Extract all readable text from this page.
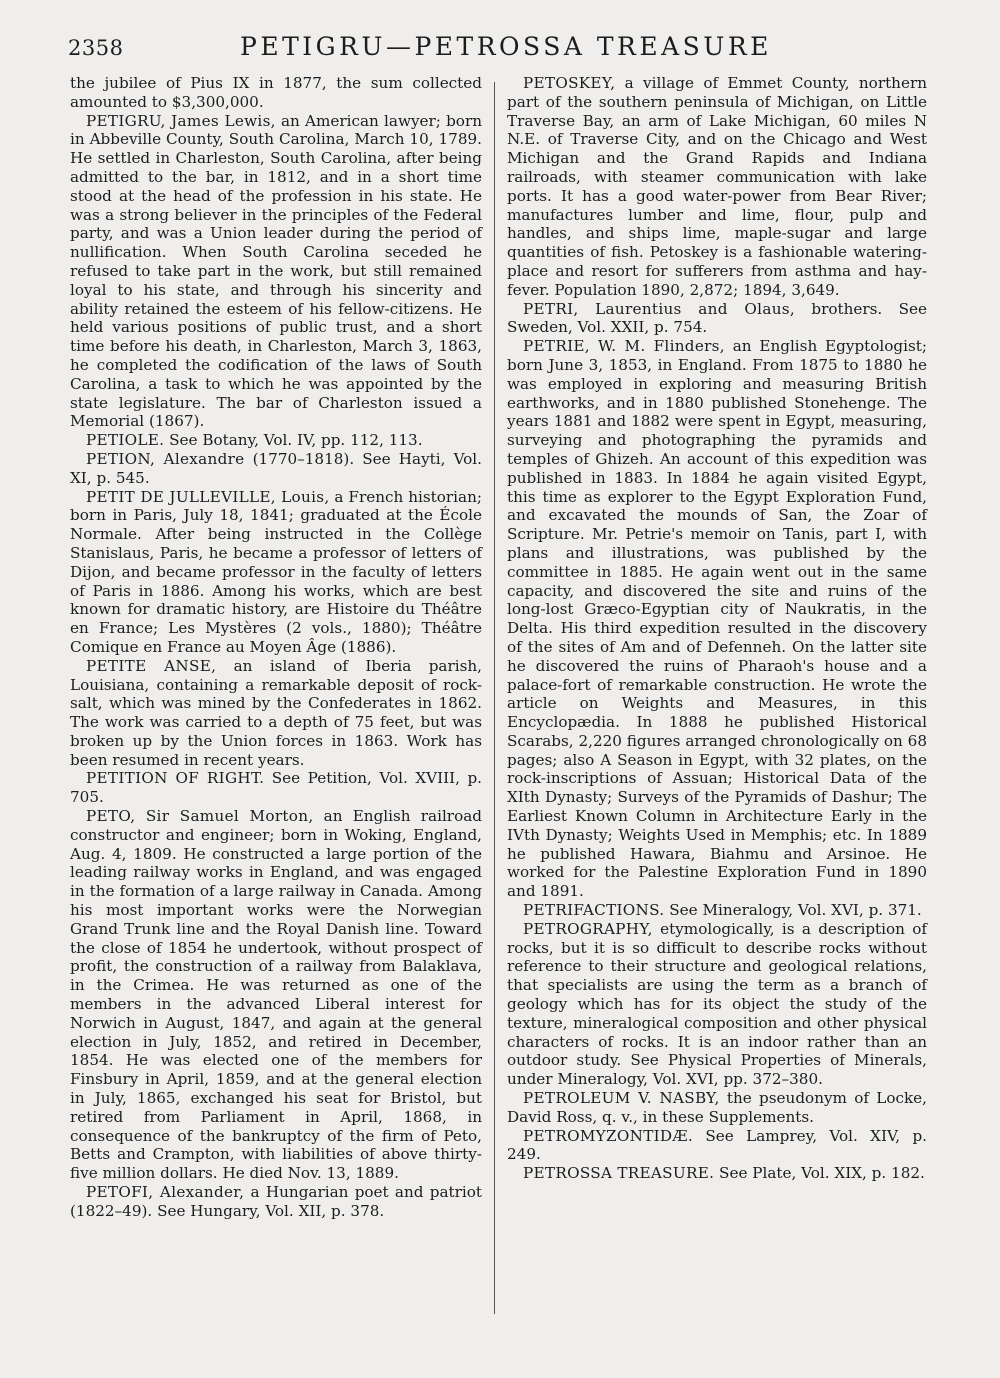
2358	PETIGRU—PETROSSA TREASURE

the jubilee of Pius IX in 1877, the sum collected amounted to $3,300,000.

PETIGRU, James Lewis, an American lawyer; born in Abbeville County, South Carolina, March 10, 1789. He settled in Charleston, South Carolina, after being admitted to the bar, in 1812, and in a short time stood at the head of the profession in his state. He was a strong believer in the principles of the Federal party, and was a Union leader during the period of nullification. When South Carolina seceded he refused to take part in the work, but still remained loyal to his state, and through his sincerity and ability retained the esteem of his fellow-citizens. He held various positions of public trust, and a short time before his death, in Charleston, March 3, 1863, he completed the codification of the laws of South Carolina, a task to which he was appointed by the state legislature. The bar of Charleston issued a Memorial (1867).

PETIOLE. See Botany, Vol. IV, pp. 112, 113.

PETION, Alexandre (1770–1818). See Hayti, Vol. XI, p. 545.

PETIT DE JULLEVILLE, Louis, a French historian; born in Paris, July 18, 1841; graduated at the École Normale. After being instructed in the Collège Stanislaus, Paris, he became a professor of letters of Dijon, and became professor in the faculty of letters of Paris in 1886. Among his works, which are best known for dramatic history, are Histoire du Théâtre en France; Les Mystères (2 vols., 1880); Théâtre Comique en France au Moyen Âge (1886).

PETITE ANSE, an island of Iberia parish, Louisiana, containing a remarkable deposit of rock-salt, which was mined by the Confederates in 1862. The work was carried to a depth of 75 feet, but was broken up by the Union forces in 1863. Work has been resumed in recent years.

PETITION OF RIGHT. See Petition, Vol. XVIII, p. 705.

PETO, Sir Samuel Morton, an English railroad constructor and engineer; born in Woking, England, Aug. 4, 1809. He constructed a large portion of the leading railway works in England, and was engaged in the formation of a large railway in Canada. Among his most important works were the Norwegian Grand Trunk line and the Royal Danish line. Toward the close of 1854 he undertook, without prospect of profit, the construction of a railway from Balaklava, in the Crimea. He was returned as one of the members in the advanced Liberal interest for Norwich in August, 1847, and again at the general election in July, 1852, and retired in December, 1854. He was elected one of the members for Finsbury in April, 1859, and at the general election in July, 1865, exchanged his seat for Bristol, but retired from Parliament in April, 1868, in consequence of the bankruptcy of the firm of Peto, Betts and Crampton, with liabilities of above thirty-five million dollars. He died Nov. 13, 1889.

PETOFI, Alexander, a Hungarian poet and patriot (1822–49). See Hungary, Vol. XII, p. 378.

PETOSKEY, a village of Emmet County, northern part of the southern peninsula of Michigan, on Little Traverse Bay, an arm of Lake Michigan, 60 miles N N.E. of Traverse City, and on the Chicago and West Michigan and the Grand Rapids and Indiana railroads, with steamer communication with lake ports. It has a good water-power from Bear River; manufactures lumber and lime, flour, pulp and handles, and ships lime, maple-sugar and large quantities of fish. Petoskey is a fashionable watering-place and resort for sufferers from asthma and hay-fever. Population 1890, 2,872; 1894, 3,649.

PETRI, Laurentius and Olaus, brothers. See Sweden, Vol. XXII, p. 754.

PETRIE, W. M. Flinders, an English Egyptologist; born June 3, 1853, in England. From 1875 to 1880 he was employed in exploring and measuring British earthworks, and in 1880 published Stonehenge. The years 1881 and 1882 were spent in Egypt, measuring, surveying and photographing the pyramids and temples of Ghizeh. An account of this expedition was published in 1883. In 1884 he again visited Egypt, this time as explorer to the Egypt Exploration Fund, and excavated the mounds of San, the Zoar of Scripture. Mr. Petrie's memoir on Tanis, part I, with plans and illustrations, was published by the committee in 1885. He again went out in the same capacity, and discovered the site and ruins of the long-lost Græco-Egyptian city of Naukratis, in the Delta. His third expedition resulted in the discovery of the sites of Am and of Defenneh. On the latter site he discovered the ruins of Pharaoh's house and a palace-fort of remarkable construction. He wrote the article on Weights and Measures, in this Encyclopædia. In 1888 he published Historical Scarabs, 2,220 figures arranged chronologically on 68 pages; also A Season in Egypt, with 32 plates, on the rock-inscriptions of Assuan; Historical Data of the XIth Dynasty; Surveys of the Pyramids of Dashur; The Earliest Known Column in Architecture Early in the IVth Dynasty; Weights Used in Memphis; etc. In 1889 he published Hawara, Biahmu and Arsinoe. He worked for the Palestine Exploration Fund in 1890 and 1891.

PETRIFACTIONS. See Mineralogy, Vol. XVI, p. 371.

PETROGRAPHY, etymologically, is a description of rocks, but it is so difficult to describe rocks without reference to their structure and geological relations, that specialists are using the term as a branch of geology which has for its object the study of the texture, mineralogical composition and other physical characters of rocks. It is an indoor rather than an outdoor study. See Physical Properties of Minerals, under Mineralogy, Vol. XVI, pp. 372–380.

PETROLEUM V. NASBY, the pseudonym of Locke, David Ross, q. v., in these Supplements.

PETROMYZONTIDÆ. See Lamprey, Vol. XIV, p. 249.

PETROSSA TREASURE. See Plate, Vol. XIX, p. 182.
